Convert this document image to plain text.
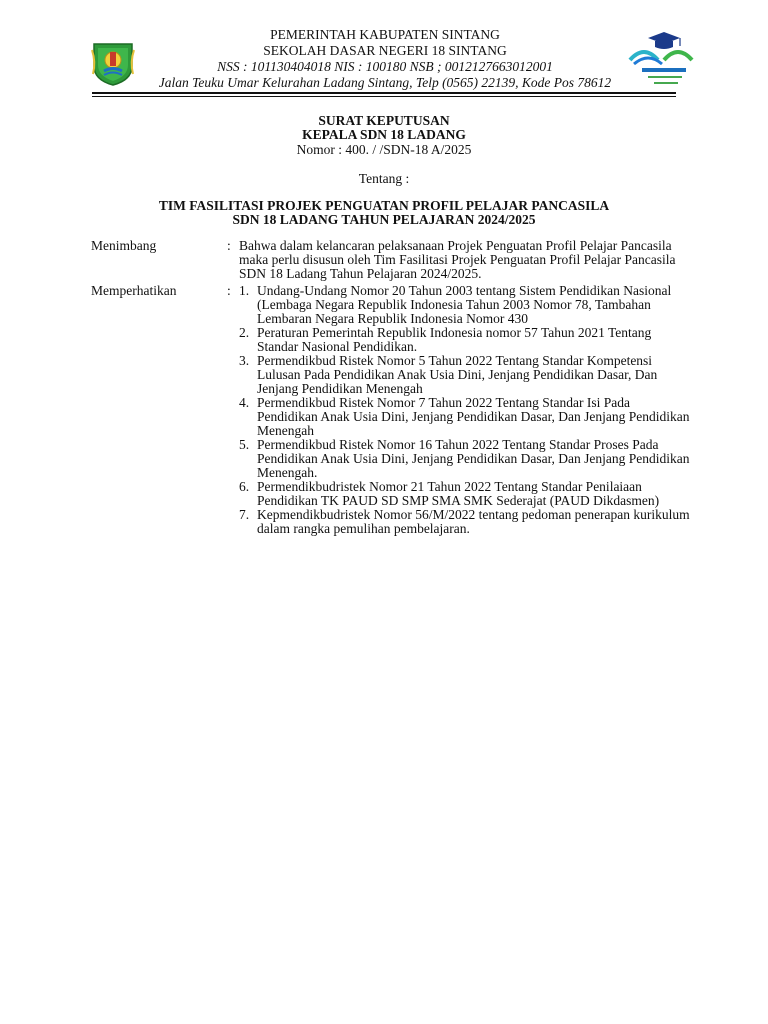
PEMERINTAH KABUPATEN SINTANG
SEKOLAH DASAR NEGERI 18 SINTANG
NSS : 101130404018 NIS : 100180 NSB ; 0012127663012001
Jalan Teuku Umar Kelurahan Ladang Sintang, Telp (0565) 22139, Kode Pos 78612
SURAT KEPUTUSAN
KEPALA SDN 18 LADANG
Nomor : 400. / /SDN-18 A/2025
Tentang :
TIM FASILITASI PROJEK PENGUATAN PROFIL PELAJAR PANCASILA
SDN 18 LADANG TAHUN PELAJARAN 2024/2025
Menimbang	: Bahwa dalam kelancaran pelaksanaan Projek Penguatan Profil Pelajar Pancasila maka perlu disusun oleh Tim Fasilitasi Projek Penguatan Profil Pelajar Pancasila SDN 18 Ladang Tahun Pelajaran 2024/2025.

Memperhatikan	: 1. Undang-Undang Nomor 20 Tahun 2003 tentang Sistem Pendidikan Nasional (Lembaga Negara Republik Indonesia Tahun 2003 Nomor 78, Tambahan Lembaran Negara Republik Indonesia Nomor 430
2. Peraturan Pemerintah Republik Indonesia nomor 57 Tahun 2021 Tentang Standar Nasional Pendidikan.
3. Permendikbud Ristek Nomor 5 Tahun 2022 Tentang Standar Kompetensi Lulusan Pada Pendidikan Anak Usia Dini, Jenjang Pendidikan Dasar, Dan Jenjang Pendidikan Menengah
4. Permendikbud Ristek Nomor 7 Tahun 2022 Tentang Standar Isi Pada Pendidikan Anak Usia Dini, Jenjang Pendidikan Dasar, Dan Jenjang Pendidikan Menengah
5. Permendikbud Ristek Nomor 16 Tahun 2022 Tentang Standar Proses Pada Pendidikan Anak Usia Dini, Jenjang Pendidikan Dasar, Dan Jenjang Pendidikan Menengah.
6. Permendikbudristek Nomor 21 Tahun 2022 Tentang Standar Penilaiaan Pendidikan TK PAUD SD SMP SMA SMK Sederajat (PAUD Dikdasmen)
7. Kepmendikbudristek Nomor 56/M/2022 tentang pedoman penerapan kurikulum dalam rangka pemulihan pembelajaran.
